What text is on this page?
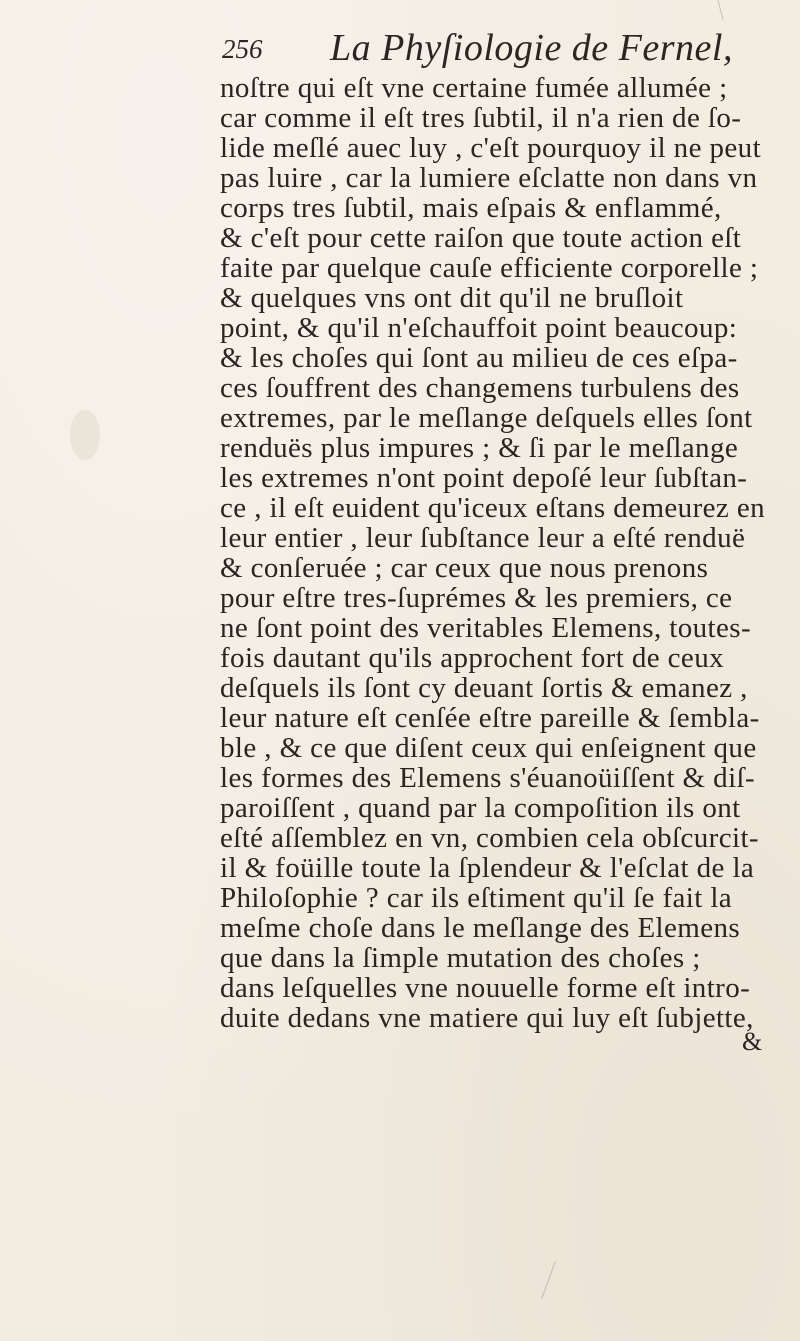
256 La Phyſiologie de Fernel,
noſtre qui eſt vne certaine fumée allumée ;
car comme il eſt tres ſubtil, il n'a rien de ſo-
lide meſlé auec luy , c'eſt pourquoy il ne peut
pas luire , car la lumiere eſclatte non dans vn
corps tres ſubtil, mais eſpais & enflammé,
& c'eſt pour cette raiſon que toute action eſt
faite par quelque cauſe efficiente corporelle ;
& quelques vns ont dit qu'il ne bruſloit
point, & qu'il n'eſchauffoit point beaucoup:
& les choſes qui ſont au milieu de ces eſpa-
ces ſouffrent des changemens turbulens des
extremes, par le meſlange deſquels elles ſont
renduës plus impures ; & ſi par le meſlange
les extremes n'ont point depoſé leur ſubſtan-
ce , il eſt euident qu'iceux eſtans demeurez en
leur entier , leur ſubſtance leur a eſté renduë
& conſeruée ; car ceux que nous prenons
pour eſtre tres-ſuprémes & les premiers, ce
ne ſont point des veritables Elemens, toutes-
fois dautant qu'ils approchent fort de ceux
deſquels ils ſont cy deuant ſortis & emanez ,
leur nature eſt cenſée eſtre pareille & ſembla-
ble , & ce que diſent ceux qui enſeignent que
les formes des Elemens s'éuanoüiſſent & diſ-
paroiſſent , quand par la compoſition ils ont
eſté aſſemblez en vn, combien cela obſcurcit-
il & foüille toute la ſplendeur & l'eſclat de la
Philoſophie ? car ils eſtiment qu'il ſe fait la
meſme choſe dans le meſlange des Elemens
que dans la ſimple mutation des choſes ;
dans leſquelles vne nouuelle forme eſt intro-
duite dedans vne matiere qui luy eſt ſubjette,
&
